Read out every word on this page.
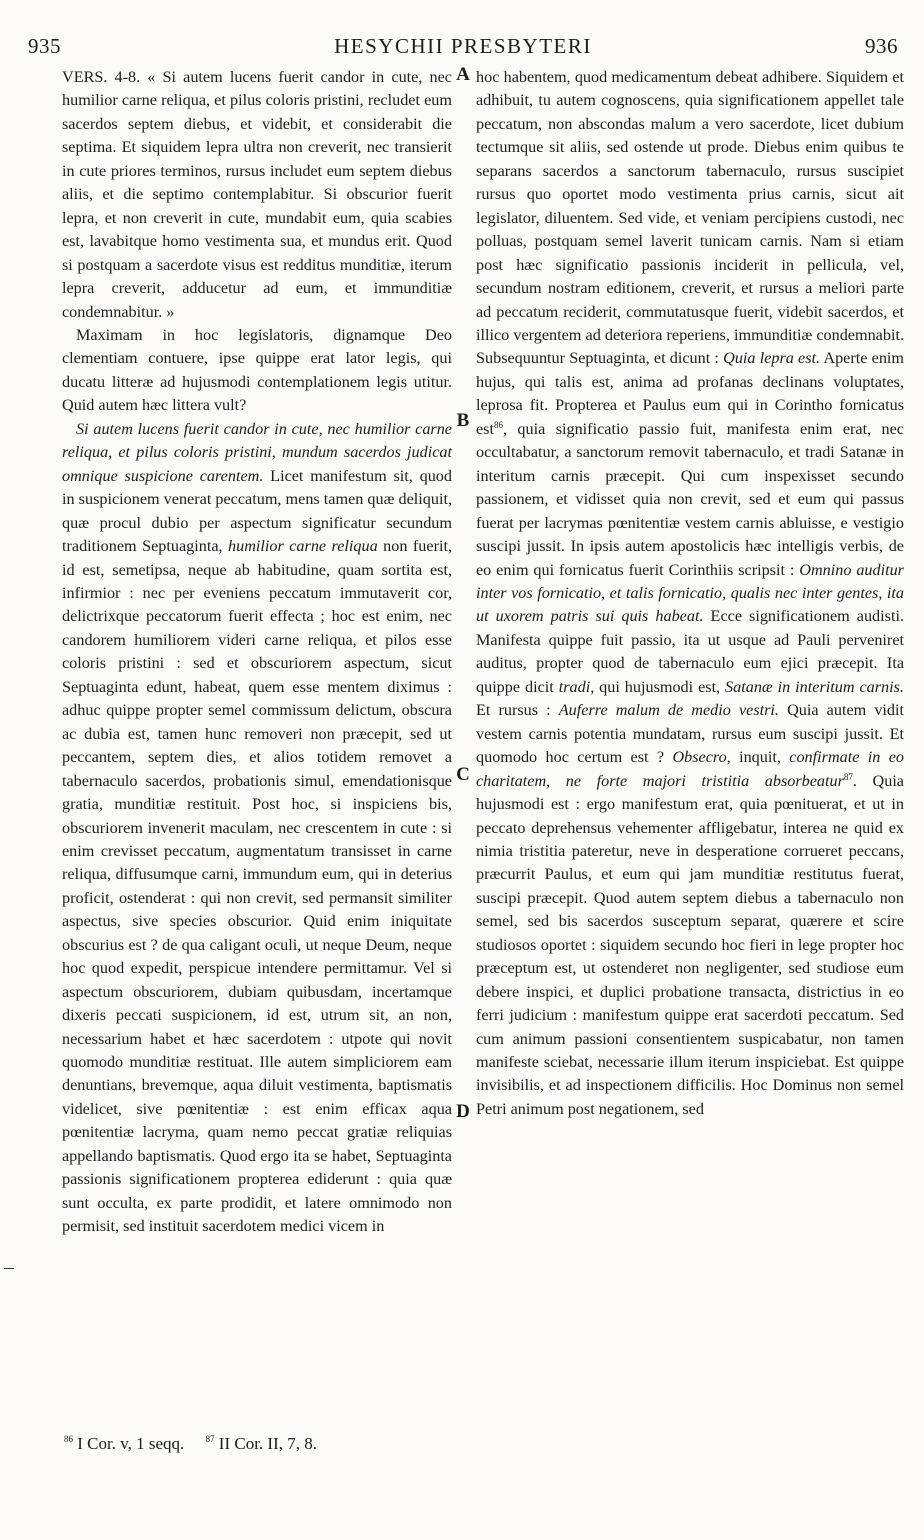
935	HESYCHII PRESBYTERI	936
A
B
C
D

VERS. 4-8. « Si autem lucens fuerit candor in cute, nec humilior carne reliqua, et pilus coloris pristini, recludet eum sacerdos septem diebus, et videbit, et considerabit die septima. Et siquidem lepra ultra non creverit, nec transierit in cute priores terminos, rursus includet eum septem diebus aliis, et die septimo contemplabitur. Si obscurior fuerit lepra, et non creverit in cute, mundabit eum, quia scabies est, lavabitque homo vestimenta sua, et mundus erit. Quod si postquam a sacerdote visus est redditus munditiæ, iterum lepra creverit, adducetur ad eum, et immunditiæ condemnabitur. »

Maximam in hoc legislatoris, dignamque Deo clementiam contuere, ipse quippe erat lator legis, qui ducatu litteræ ad hujusmodi contemplationem legis utitur. Quid autem hæc littera vult?

Si autem lucens fuerit candor in cute, nec humilior carne reliqua, et pilus coloris pristini, mundum sacerdos judicat omnique suspicione carentem. Licet manifestum sit, quod in suspicionem venerat peccatum, mens tamen quæ deliquit, quæ procul dubio per aspectum significatur secundum traditionem Septuaginta, humilior carne reliqua non fuerit, id est, semetipsa, neque ab habitudine, quam sortita est, infirmior : nec per eveniens peccatum immutaverit cor, delictrixque peccatorum fuerit effecta ; hoc est enim, nec candorem humiliorem videri carne reliqua, et pilos esse coloris pristini : sed et obscuriorem aspectum, sicut Septuaginta edunt, habeat, quem esse mentem diximus : adhuc quippe propter semel commissum delictum, obscura ac dubia est, tamen hunc removeri non præcepit, sed ut peccantem, septem dies, et alios totidem removet a tabernaculo sacerdos, probationis simul, emendationisque gratia, munditiæ restituit. Post hoc, si inspiciens bis, obscuriorem invenerit maculam, nec crescentem in cute : si enim crevisset peccatum, augmentatum transisset in carne reliqua, diffusumque carni, immundum eum, qui in deterius proficit, ostenderat : qui non crevit, sed permansit similiter aspectus, sive species obscurior. Quid enim iniquitate obscurius est ? de qua caligant oculi, ut neque Deum, neque hoc quod expedit, perspicue intendere permittamur. Vel si aspectum obscuriorem, dubiam quibusdam, incertamque dixeris peccati suspicionem, id est, utrum sit, an non, necessarium habet et hæc sacerdotem : utpote qui novit quomodo munditiæ restituat. Ille autem simpliciorem eam denuntians, brevemque, aqua diluit vestimenta, baptismatis videlicet, sive pœnitentiæ : est enim efficax aqua pœnitentiæ lacryma, quam nemo peccat gratiæ reliquias appellando baptismatis. Quod ergo ita se habet, Septuaginta passionis significationem propterea ediderunt : quia quæ sunt occulta, ex parte prodidit, et latere omnimodo non permisit, sed instituit sacerdotem medici vicem in

hoc habentem, quod medicamentum debeat adhibere. Siquidem et adhibuit, tu autem cognoscens, quia significationem appellet tale peccatum, non abscondas malum a vero sacerdote, licet dubium tectumque sit aliis, sed ostende ut prode. Diebus enim quibus te separans sacerdos a sanctorum tabernaculo, rursus suscipiet rursus quo oportet modo vestimenta prius carnis, sicut ait legislator, diluentem. Sed vide, et veniam percipiens custodi, nec polluas, postquam semel laverit tunicam carnis. Nam si etiam post hæc significatio passionis inciderit in pellicula, vel, secundum nostram editionem, creverit, et rursus a meliori parte ad peccatum reciderit, commutatusque fuerit, videbit sacerdos, et illico vergentem ad deteriora reperiens, immunditiæ condemnabit. Subsequuntur Septuaginta, et dicunt : Quia lepra est. Aperte enim hujus, qui talis est, anima ad profanas declinans voluptates, leprosa fit. Propterea et Paulus eum qui in Corintho fornicatus est$^{86}$, quia significatio passio fuit, manifesta enim erat, nec occultabatur, a sanctorum removit tabernaculo, et tradi Satanæ in interitum carnis præcepit. Qui cum inspexisset secundo passionem, et vidisset quia non crevit, sed et eum qui passus fuerat per lacrymas pœnitentiæ vestem carnis abluisse, e vestigio suscipi jussit. In ipsis autem apostolicis hæc intelligis verbis, de eo enim qui fornicatus fuerit Corinthiis scripsit : Omnino auditur inter vos fornicatio, et talis fornicatio, qualis nec inter gentes, ita ut uxorem patris sui quis habeat. Ecce significationem audisti. Manifesta quippe fuit passio, ita ut usque ad Pauli perveniret auditus, propter quod de tabernaculo eum ejici præcepit. Ita quippe dicit tradi, qui hujusmodi est, Satanæ in interitum carnis. Et rursus : Auferre malum de medio vestri. Quia autem vidit vestem carnis potentia mundatam, rursus eum suscipi jussit. Et quomodo hoc certum est ? Obsecro, inquit, confirmate in eo charitatem, ne forte majori tristitia absorbeatur$^{87}$. Quia hujusmodi est : ergo manifestum erat, quia pœnituerat, et ut in peccato deprehensus vehementer affligebatur, interea ne quid ex nimia tristitia pateretur, neve in desperatione corrueret peccans, præcurrit Paulus, et eum qui jam munditiæ restitutus fuerat, suscipi præcepit. Quod autem septem diebus a tabernaculo non semel, sed bis sacerdos susceptum separat, quærere et scire studiosos oportet : siquidem secundo hoc fieri in lege propter hoc præceptum est, ut ostenderet non negligenter, sed studiose eum debere inspici, et duplici probatione transacta, districtius in eo ferri judicium : manifestum quippe erat sacerdoti peccatum. Sed cum animum passioni consentientem suspicabatur, non tamen manifeste sciebat, necessarie illum iterum inspiciebat. Est quippe invisibilis, et ad inspectionem difficilis. Hoc Dominus non semel Petri animum post negationem, sed

$^{86}$ I Cor. v, 1 seqq. $^{87}$ II Cor. II, 7, 8.
